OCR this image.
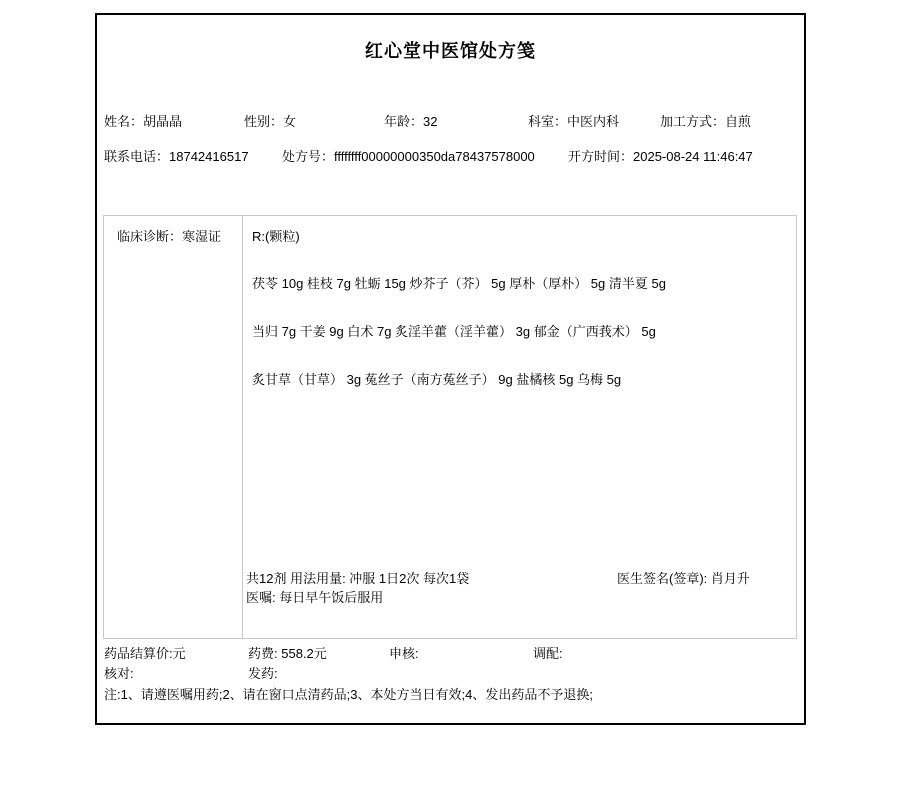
红心堂中医馆处方笺
姓名：胡晶晶	性别：女	年龄：32	科室：中医内科	加工方式：自煎
联系电话：18742416517	处方号：ffffffff00000000350da78437578000	开方时间：2025-08-24 11:46:47
临床诊断：寒湿证 R:(颗粒)
茯苓 10g 桂枝 7g 牡蛎 15g 炒芥子（芥） 5g 厚朴（厚朴） 5g 清半夏 5g
当归 7g 干姜 9g 白术 7g 炙淫羊藿（淫羊藿） 3g 郁金（广西莪术） 5g
炙甘草（甘草） 3g 菟丝子（南方菟丝子） 9g 盐橘核 5g 乌梅 5g
共12剂 用法用量: 冲服 1日2次 每次1袋	医生签名(签章): 肖月升
医嘱: 每日早午饭后服用
药品结算价:元	药费: 558.2元	申核:	调配:
核对:	发药:
注:1、请遵医嘱用药;2、请在窗口点清药品;3、本处方当日有效;4、发出药品不予退换;
